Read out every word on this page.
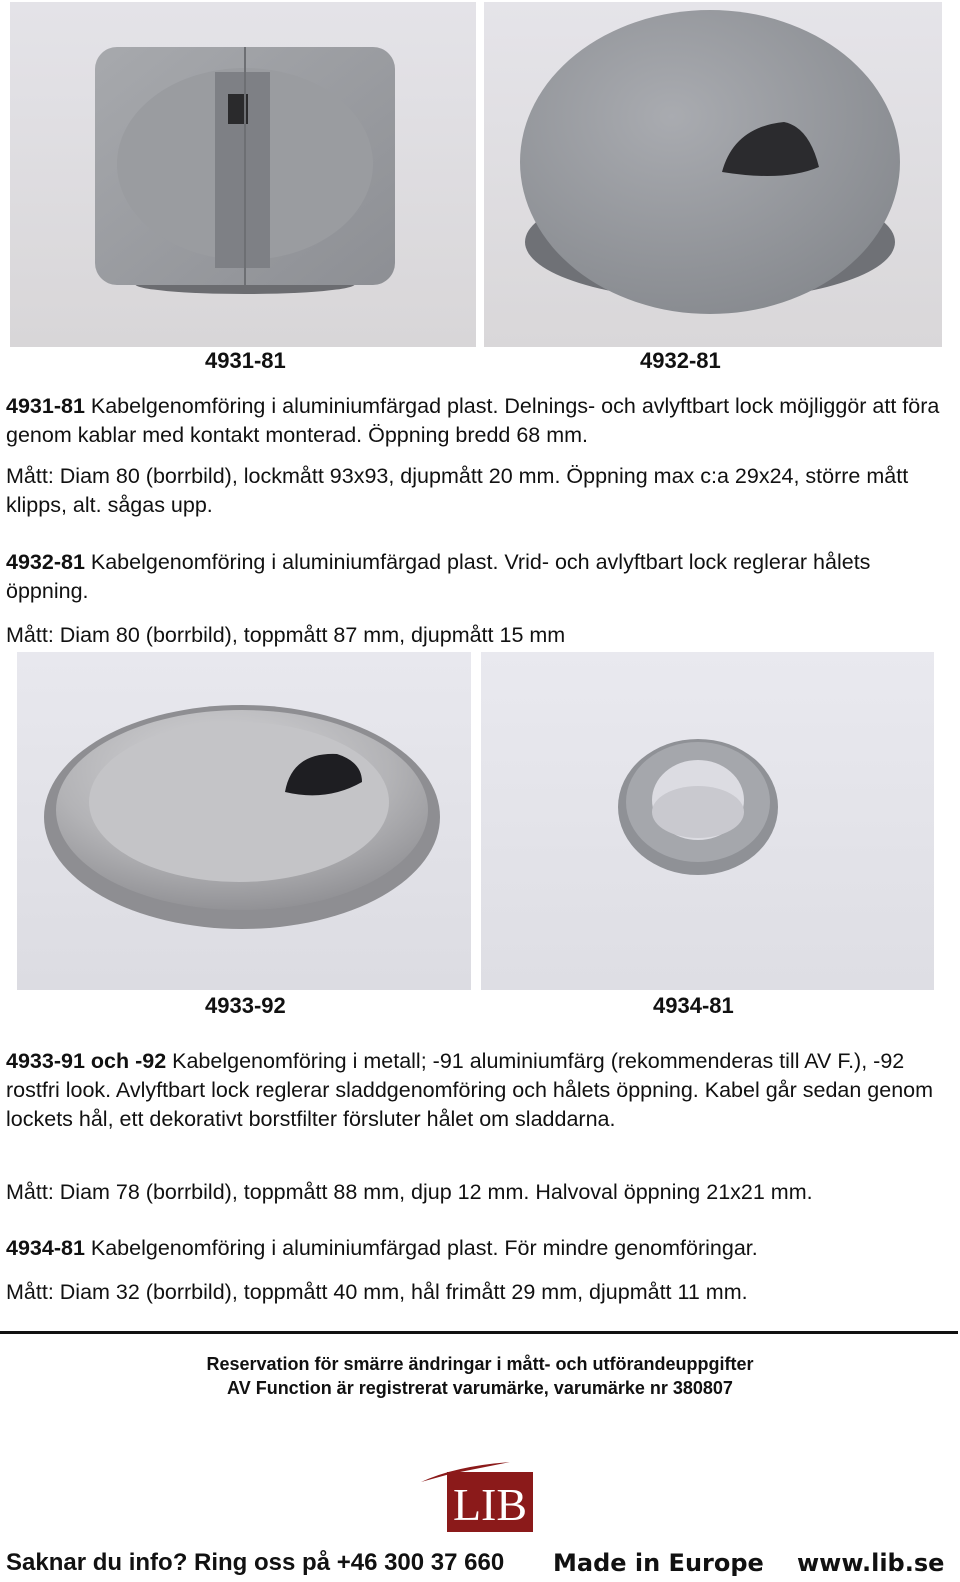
4931-81	4932-81

4931-81 Kabelgenomföring i aluminiumfärgad plast. Delnings- och avlyftbart lock möjliggör att föra genom kablar med kontakt monterad. Öppning bredd 68 mm.

Mått: Diam 80 (borrbild), lockmått 93x93, djupmått 20 mm. Öppning max c:a 29x24, större mått klipps, alt. sågas upp.

4932-81 Kabelgenomföring i aluminiumfärgad plast. Vrid- och avlyftbart lock reglerar hålets öppning.

Mått: Diam 80 (borrbild), toppmått 87 mm, djupmått 15 mm

4933-92	4934-81

4933-91 och -92 Kabelgenomföring i metall; -91 aluminiumfärg (rekommenderas till AV F.), -92 rostfri look. Avlyftbart lock reglerar sladdgenomföring och hålets öppning. Kabel går sedan genom lockets hål, ett dekorativt borstfilter försluter hålet om sladdarna.

Mått: Diam 78 (borrbild), toppmått 88 mm, djup 12 mm. Halvoval öppning 21x21 mm.

4934-81 Kabelgenomföring i aluminiumfärgad plast. För mindre genomföringar.

Mått: Diam 32 (borrbild), toppmått 40 mm, hål frimått 29 mm, djupmått 11 mm.

Reservation för smärre ändringar i mått- och utförandeuppgifter
AV Function är registrerat varumärke, varumärke nr 380807
LIB
Saknar du info? Ring oss på +46 300 37 660 Made in Europe www.lib.se
